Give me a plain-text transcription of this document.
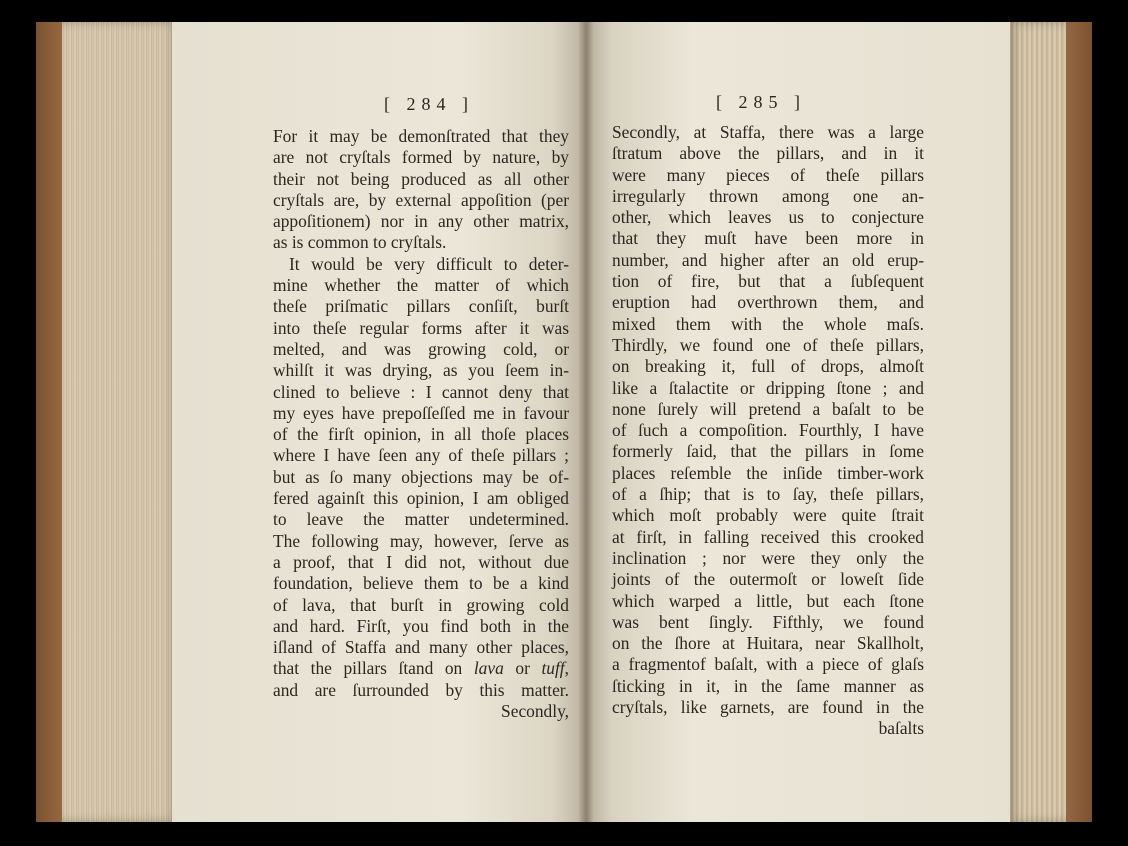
[ 284 ]
For it may be demonſtrated that they
are not cryſtals formed by nature, by
their not being produced as all other
cryſtals are, by external appoſition (per
appoſitionem) nor in any other matrix,
as is common to cryſtals.
It would be very difficult to deter-
mine whether the matter of which
theſe priſmatic pillars conſiſt, burſt
into theſe regular forms after it was
melted, and was growing cold, or
whilſt it was drying, as you ſeem in-
clined to believe : I cannot deny that
my eyes have prepoſſeſſed me in favour
of the firſt opinion, in all thoſe places
where I have ſeen any of theſe pillars ;
but as ſo many objections may be of-
fered againſt this opinion, I am obliged
to leave the matter undetermined.
The following may, however, ſerve as
a proof, that I did not, without due
foundation, believe them to be a kind
of lava, that burſt in growing cold
and hard. Firſt, you find both in the
iſland of Staffa and many other places,
that the pillars ſtand on lava or tuff,
and are ſurrounded by this matter.
Secondly,
[ 285 ]
Secondly, at Staffa, there was a large
ſtratum above the pillars, and in it
were many pieces of theſe pillars
irregularly thrown among one an-
other, which leaves us to conjecture
that they muſt have been more in
number, and higher after an old erup-
tion of fire, but that a ſubſequent
eruption had overthrown them, and
mixed them with the whole maſs.
Thirdly, we found one of theſe pillars,
on breaking it, full of drops, almoſt
like a ſtalactite or dripping ſtone ; and
none ſurely will pretend a baſalt to be
of ſuch a compoſition. Fourthly, I have
formerly ſaid, that the pillars in ſome
places reſemble the inſide timber-work
of a ſhip; that is to ſay, theſe pillars,
which moſt probably were quite ſtrait
at firſt, in falling received this crooked
inclination ; nor were they only the
joints of the outermoſt or loweſt ſide
which warped a little, but each ſtone
was bent ſingly. Fifthly, we found
on the ſhore at Huitara, near Skallholt,
a fragmentof baſalt, with a piece of glaſs
ſticking in it, in the ſame manner as
cryſtals, like garnets, are found in the
baſalts
